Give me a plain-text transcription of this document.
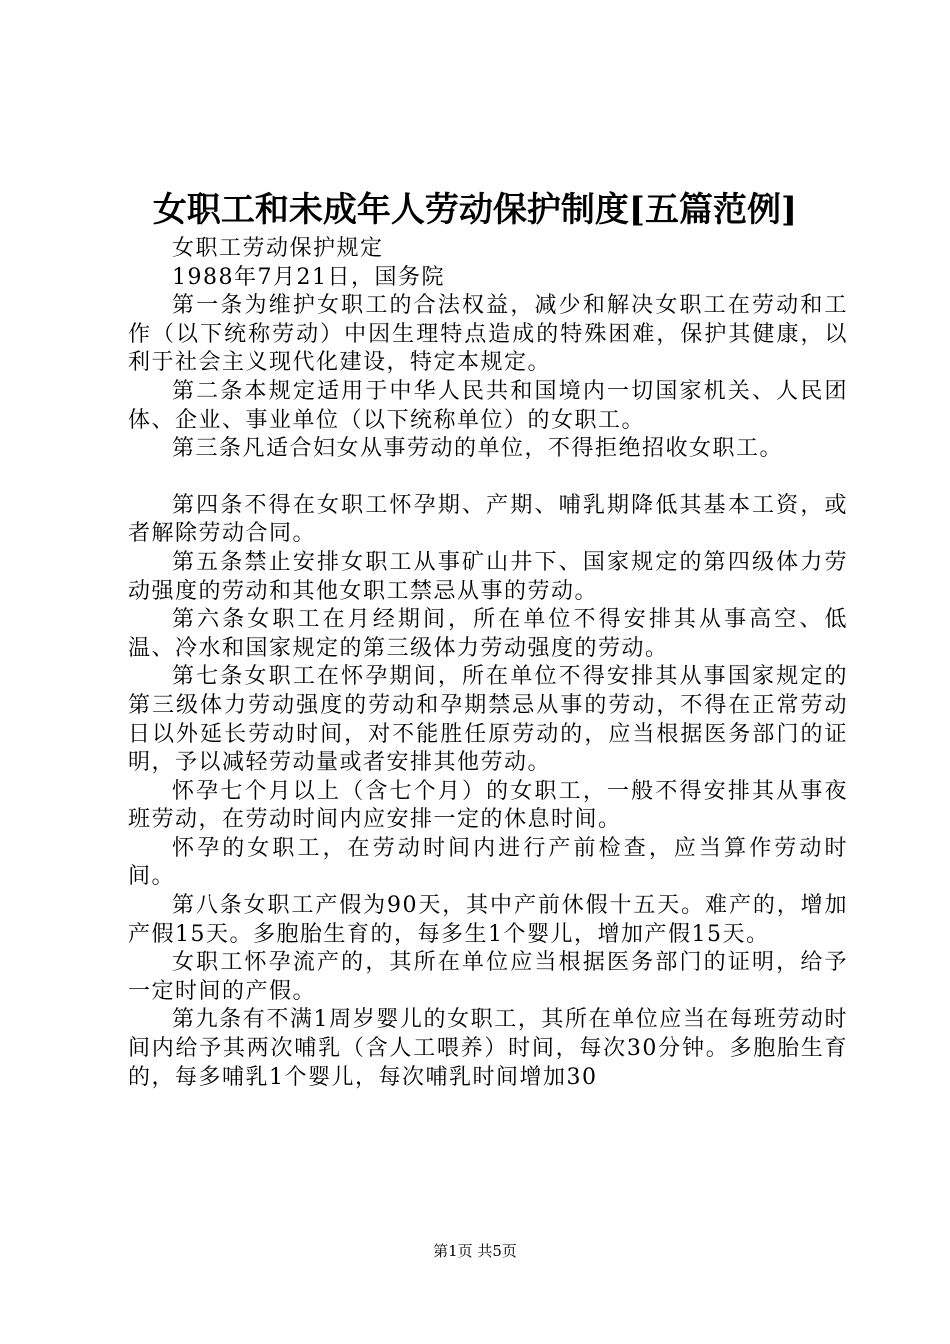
女职工和未成年人劳动保护制度[五篇范例]

女职工劳动保护规定

1988年7月21日，国务院

第一条为维护女职工的合法权益，减少和解决女职工在劳动和工作（以下统称劳动）中因生理特点造成的特殊困难，保护其健康，以利于社会主义现代化建设，特定本规定。

第二条本规定适用于中华人民共和国境内一切国家机关、人民团体、企业、事业单位（以下统称单位）的女职工。

第三条凡适合妇女从事劳动的单位，不得拒绝招收女职工。

第四条不得在女职工怀孕期、产期、哺乳期降低其基本工资，或者解除劳动合同。

第五条禁止安排女职工从事矿山井下、国家规定的第四级体力劳动强度的劳动和其他女职工禁忌从事的劳动。

第六条女职工在月经期间，所在单位不得安排其从事高空、低温、冷水和国家规定的第三级体力劳动强度的劳动。

第七条女职工在怀孕期间，所在单位不得安排其从事国家规定的第三级体力劳动强度的劳动和孕期禁忌从事的劳动，不得在正常劳动日以外延长劳动时间，对不能胜任原劳动的，应当根据医务部门的证明，予以减轻劳动量或者安排其他劳动。

怀孕七个月以上（含七个月）的女职工，一般不得安排其从事夜班劳动，在劳动时间内应安排一定的休息时间。

怀孕的女职工，在劳动时间内进行产前检查，应当算作劳动时间。

第八条女职工产假为90天，其中产前休假十五天。难产的，增加产假15天。多胞胎生育的，每多生1个婴儿，增加产假15天。

女职工怀孕流产的，其所在单位应当根据医务部门的证明，给予一定时间的产假。

第九条有不满1周岁婴儿的女职工，其所在单位应当在每班劳动时间内给予其两次哺乳（含人工喂养）时间，每次30分钟。多胞胎生育的，每多哺乳1个婴儿，每次哺乳时间增加30

第1页 共5页
